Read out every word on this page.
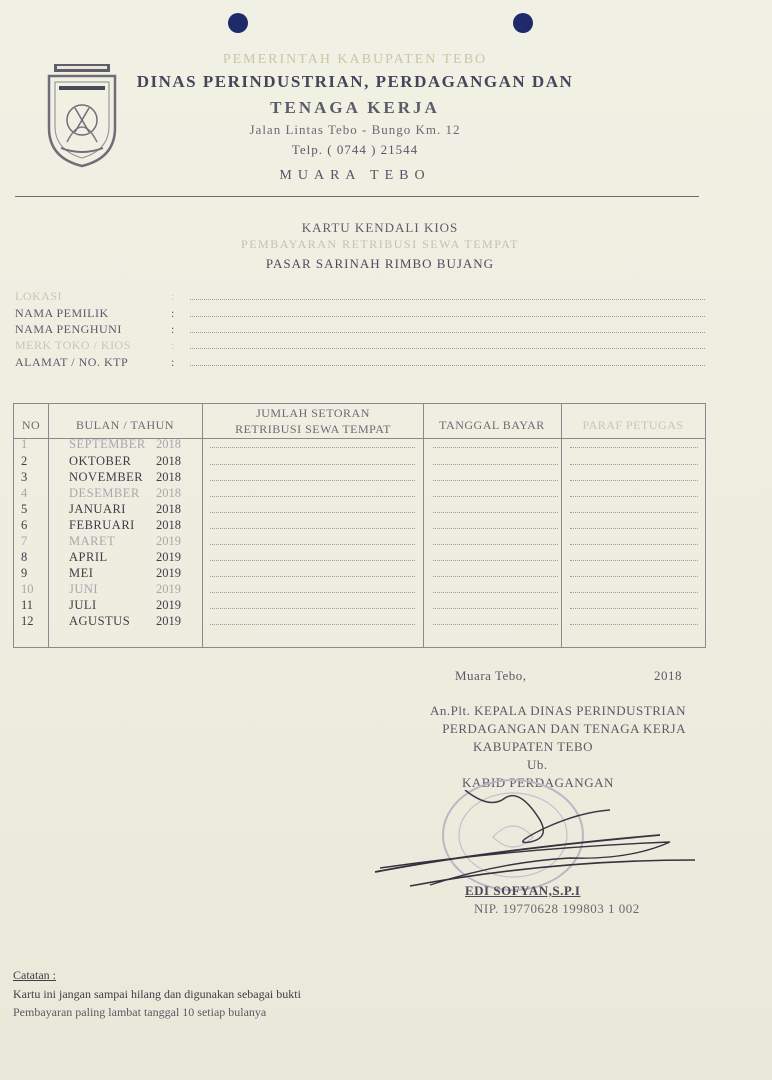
PEMERINTAH KABUPATEN TEBO
DINAS PERINDUSTRIAN, PERDAGANGAN DAN
TENAGA KERJA
Jalan Lintas Tebo - Bungo Km. 12
Telp. ( 0744 ) 21544
MUARA TEBO
KARTU KENDALI KIOS
PEMBAYARAN RETRIBUSI SEWA TEMPAT
PASAR SARINAH RIMBO BUJANG
LOKASI	:
NAMA PEMILIK	:
NAMA PENGHUNI	:
MERK TOKO / KIOS	:
ALAMAT / NO. KTP	:
NO	BULAN / TAHUN
JUMLAH SETORAN
RETRIBUSI SEWA TEMPAT	TANGGAL BAYAR	PARAF PETUGAS
1	SEPTEMBER 2018
2	OKTOBER	2018
3	NOVEMBER	2018
4	DESEMBER	2018
5	JANUARI	2018
6	FEBRUARI	2018
7	MARET	2019
8	APRIL	2019
9	MEI	2019
10	JUNI	2019
11	JULI	2019
12	AGUSTUS	2019
Muara Tebo,	2018
An.Plt. KEPALA DINAS PERINDUSTRIAN
PERDAGANGAN DAN TENAGA KERJA
KABUPATEN TEBO
Ub.
KABID PERDAGANGAN
EDI SOFYAN,S.P.I
NIP. 19770628 199803 1 002
Catatan :
Kartu ini jangan sampai hilang dan digunakan sebagai bukti
Pembayaran paling lambat tanggal 10 setiap bulanya
